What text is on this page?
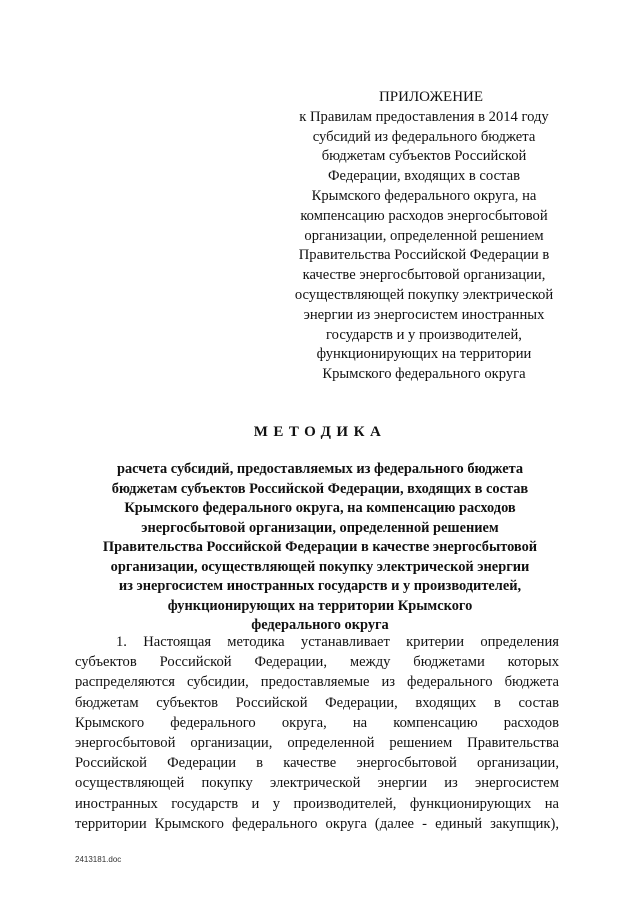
ПРИЛОЖЕНИЕ
к Правилам предоставления в 2014 году
субсидий из федерального бюджета
бюджетам субъектов Российской
Федерации, входящих в состав
Крымского федерального округа, на
компенсацию расходов энергосбытовой
организации, определенной решением
Правительства Российской Федерации в
качестве энергосбытовой организации,
осуществляющей покупку электрической
энергии из энергосистем иностранных
государств и у производителей,
функционирующих на территории
Крымского федерального округа
МЕТОДИКА
расчета субсидий, предоставляемых из федерального бюджета
бюджетам субъектов Российской Федерации, входящих в состав
Крымского федерального округа, на компенсацию расходов
энергосбытовой организации, определенной решением
Правительства Российской Федерации в качестве энергосбытовой
организации, осуществляющей покупку электрической энергии
из энергосистем иностранных государств и у производителей,
функционирующих на территории Крымского
федерального округа
1. Настоящая методика устанавливает критерии определения
субъектов Российской Федерации, между бюджетами которых
распределяются субсидии, предоставляемые из федерального бюджета
бюджетам субъектов Российской Федерации, входящих в состав
Крымского федерального округа, на компенсацию расходов
энергосбытовой организации, определенной решением Правительства
Российской Федерации в качестве энергосбытовой организации,
осуществляющей покупку электрической энергии из энергосистем
иностранных государств и у производителей, функционирующих на
территории Крымского федерального округа (далее - единый закупщик),
2413181.doc
